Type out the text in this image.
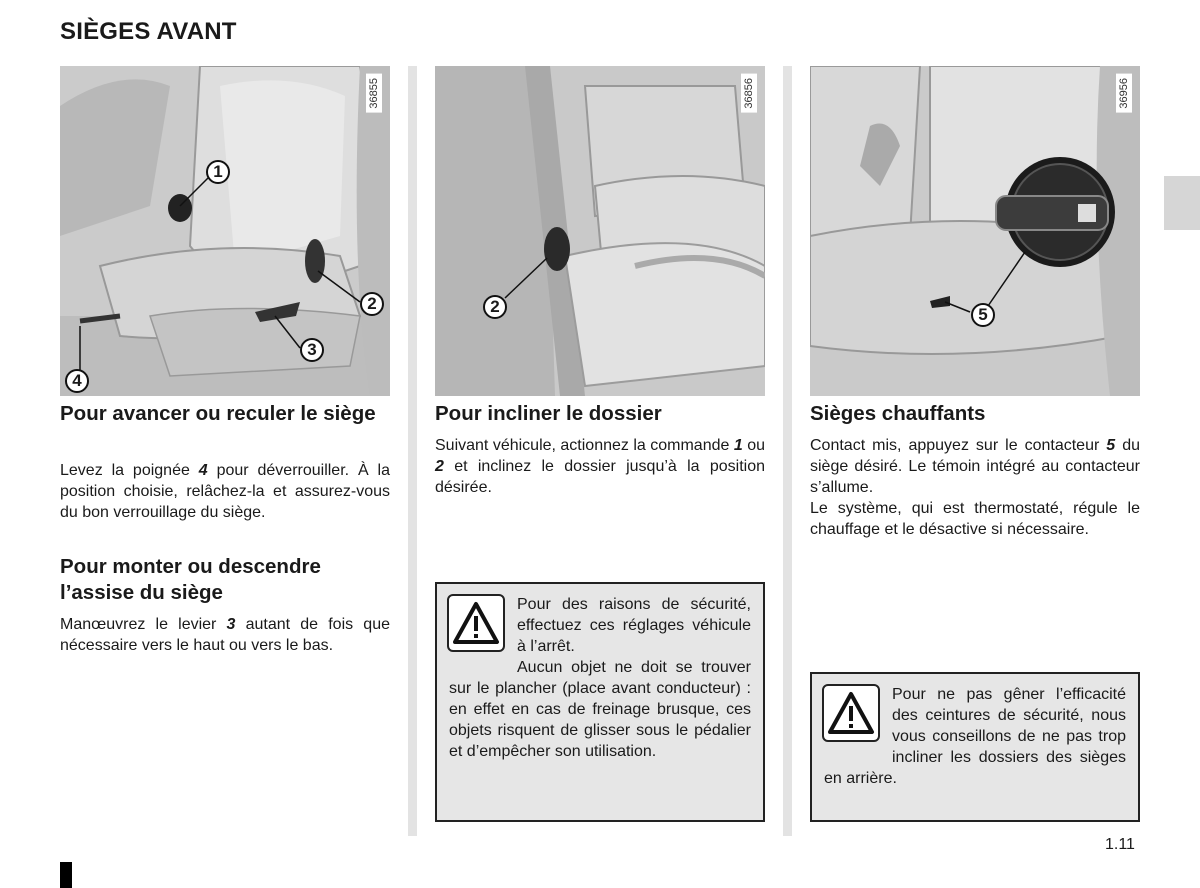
SIÈGES AVANT
36855
1
2
3
4
36856
2
36956
5
Pour avancer ou reculer le siège
Levez la poignée 4 pour déverrouiller. À la position choisie, relâchez-la et assurez-vous du bon verrouillage du siège.
Pour monter ou descendre l’assise du siège
Manœuvrez le levier 3 autant de fois que nécessaire vers le haut ou vers le bas.
Pour incliner le dossier
Suivant véhicule, actionnez la commande 1 ou 2 et inclinez le dossier jusqu’à la position désirée.
Pour des raisons de sécurité, effectuez ces réglages véhicule à l’arrêt.
Aucun objet ne doit se trouver sur le plancher (place avant conducteur) : en effet en cas de freinage brusque, ces objets risquent de glisser sous le pédalier et d’empêcher son utilisation.
Sièges chauffants
Contact mis, appuyez sur le contacteur 5 du siège désiré. Le témoin intégré au contacteur s’allume.
Le système, qui est thermostaté, régule le chauffage et le désactive si nécessaire.
Pour ne pas gêner l’efficacité des ceintures de sécurité, nous vous conseillons de ne pas trop incliner les dossiers des sièges en arrière.
1.11
